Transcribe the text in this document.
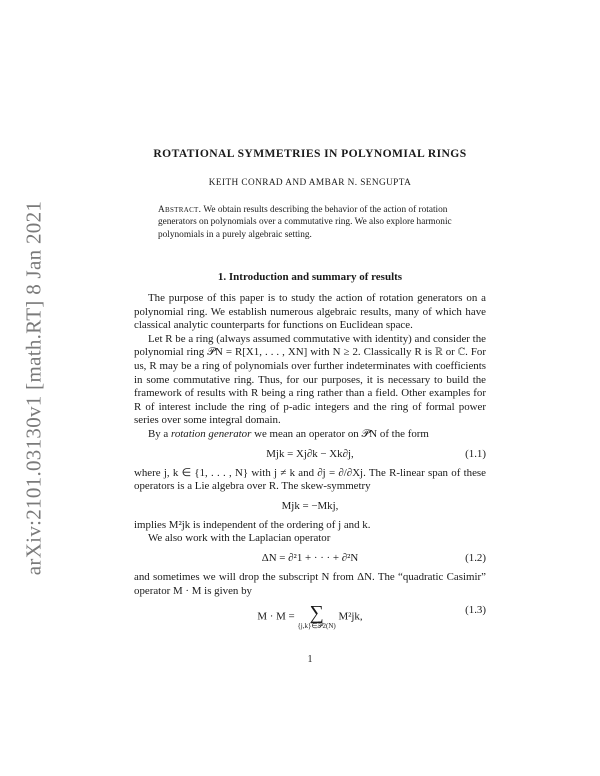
arXiv:2101.03130v1 [math.RT] 8 Jan 2021
ROTATIONAL SYMMETRIES IN POLYNOMIAL RINGS
KEITH CONRAD AND AMBAR N. SENGUPTA
Abstract. We obtain results describing the behavior of the action of rotation generators on polynomials over a commutative ring. We also explore harmonic polynomials in a purely algebraic setting.
1. Introduction and summary of results

The purpose of this paper is to study the action of rotation generators on a polynomial ring. We establish numerous algebraic results, many of which have classical analytic counterparts for functions on Euclidean space.

Let R be a ring (always assumed commutative with identity) and consider the polynomial ring 𝒫N = R[X1, . . . , XN] with N ≥ 2. Classically R is ℝ or ℂ. For us, R may be a ring of polynomials over further indeterminates with coefficients in some commutative ring. Thus, for our purposes, it is necessary to build the framework of results with R being a ring rather than a field. Other examples for R of interest include the ring of p-adic integers and the ring of formal power series over some integral domain.

By a rotation generator we mean an operator on 𝒫N of the form

Mjk = Xj∂k − Xk∂j,	(1.1)

where j, k ∈ {1, . . . , N} with j ≠ k and ∂j = ∂/∂Xj. The R-linear span of these operators is a Lie algebra over R. The skew-symmetry

Mjk = −Mkj,

implies M²jk is independent of the ordering of j and k.

We also work with the Laplacian operator

ΔN = ∂²1 + · · · + ∂²N	(1.2)

and sometimes we will drop the subscript N from ΔN. The “quadratic Casimir” operator M · M is given by

M · M = ∑
{j,k}∈𝒫2(N)
M²jk,
(1.3)
1
